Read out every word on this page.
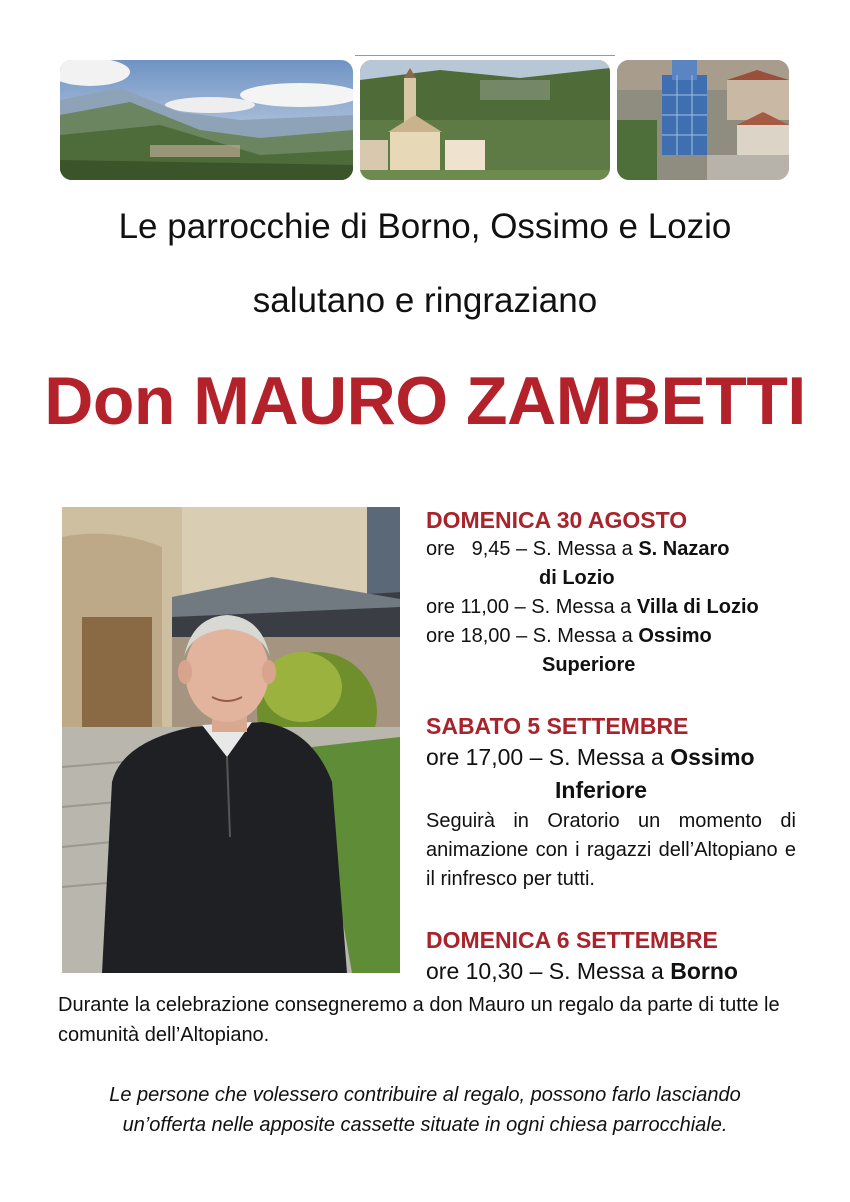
Le parrocchie di Borno, Ossimo e Lozio
salutano e ringraziano
Don MAURO ZAMBETTI
DOMENICA 30 AGOSTO
ore   9,45 – S. Messa a S. Nazaro
di Lozio
ore 11,00 – S. Messa a Villa di Lozio
ore 18,00 – S. Messa a Ossimo
Superiore
SABATO 5 SETTEMBRE
ore 17,00 – S. Messa a Ossimo
Inferiore
Seguirà in Oratorio un momento di animazione con i ragazzi dell’Altopiano e il rinfresco per tutti.
DOMENICA 6 SETTEMBRE
ore 10,30 – S. Messa a Borno
Durante la celebrazione consegneremo a don Mauro un regalo da parte di tutte le comunità dell’Altopiano.
Le persone che volessero contribuire al regalo, possono farlo lasciando
un’offerta nelle apposite cassette situate in ogni chiesa parrocchiale.
